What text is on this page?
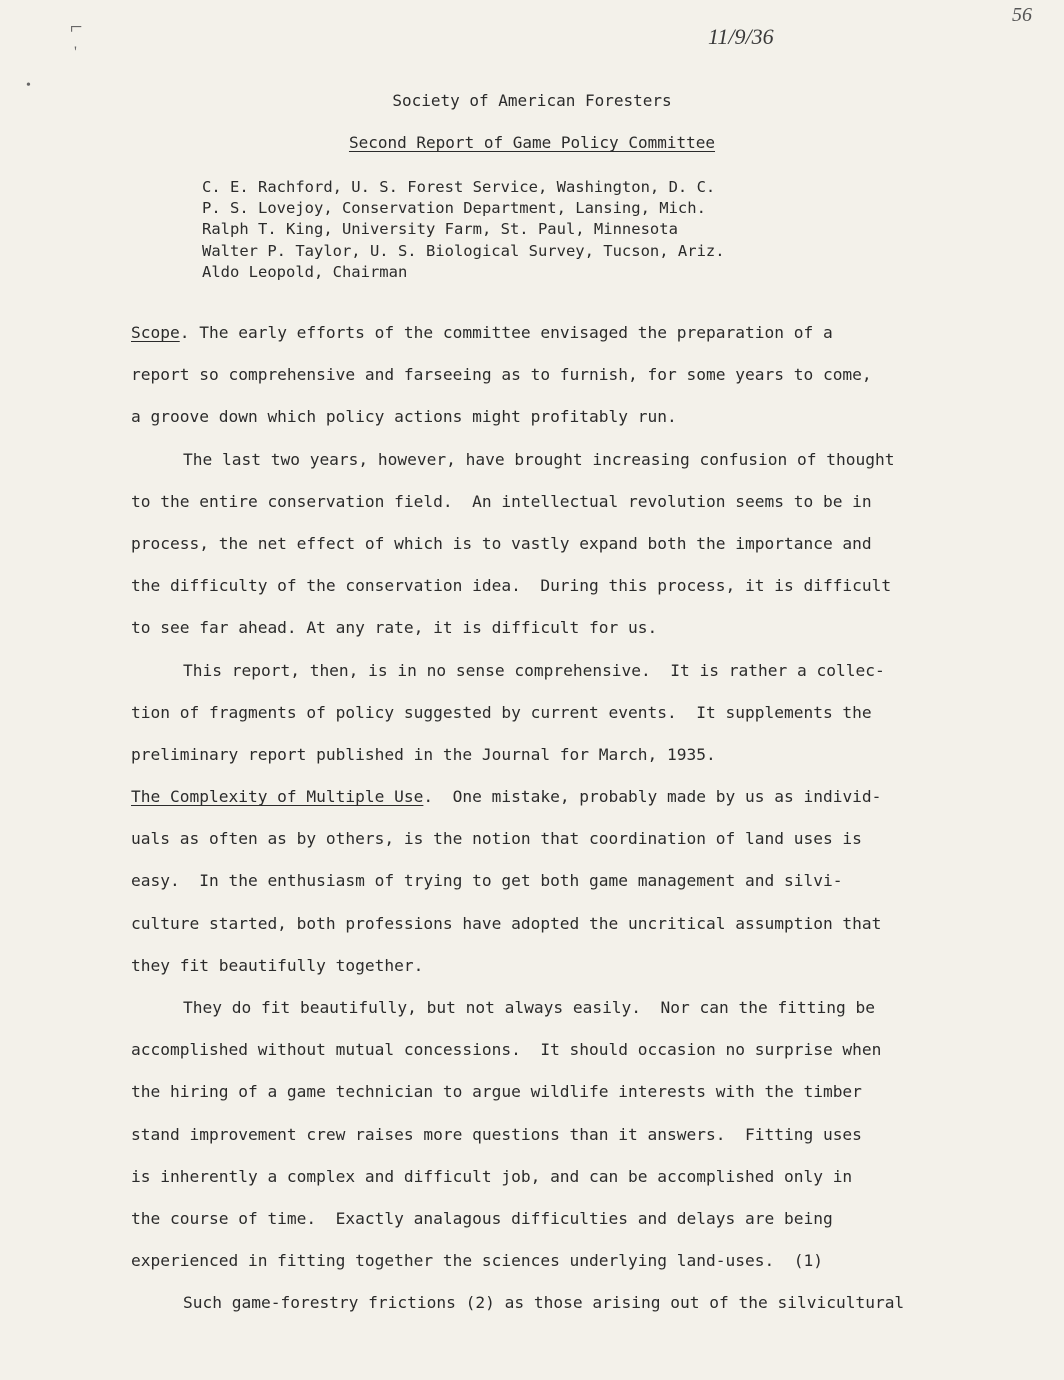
⌐
'
•
11/9/36
56
Society of American Foresters
Second Report of Game Policy Committee
C. E. Rachford, U. S. Forest Service, Washington, D. C.
P. S. Lovejoy, Conservation Department, Lansing, Mich.
Ralph T. King, University Farm, St. Paul, Minnesota
Walter P. Taylor, U. S. Biological Survey, Tucson, Ariz.
Aldo Leopold, Chairman
Scope. The early efforts of the committee envisaged the preparation of a
report so comprehensive and farseeing as to furnish, for some years to come,
a groove down which policy actions might profitably run.
The last two years, however, have brought increasing confusion of thought
to the entire conservation field.  An intellectual revolution seems to be in
process, the net effect of which is to vastly expand both the importance and
the difficulty of the conservation idea.  During this process, it is difficult
to see far ahead. At any rate, it is difficult for us.
This report, then, is in no sense comprehensive.  It is rather a collec-
tion of fragments of policy suggested by current events.  It supplements the
preliminary report published in the Journal for March, 1935.
The Complexity of Multiple Use.  One mistake, probably made by us as individ-
uals as often as by others, is the notion that coordination of land uses is
easy.  In the enthusiasm of trying to get both game management and silvi-
culture started, both professions have adopted the uncritical assumption that
they fit beautifully together.
They do fit beautifully, but not always easily.  Nor can the fitting be
accomplished without mutual concessions.  It should occasion no surprise when
the hiring of a game technician to argue wildlife interests with the timber
stand improvement crew raises more questions than it answers.  Fitting uses
is inherently a complex and difficult job, and can be accomplished only in
the course of time.  Exactly analagous difficulties and delays are being
experienced in fitting together the sciences underlying land-uses.  (1)
Such game-forestry frictions (2) as those arising out of the silvicultural
